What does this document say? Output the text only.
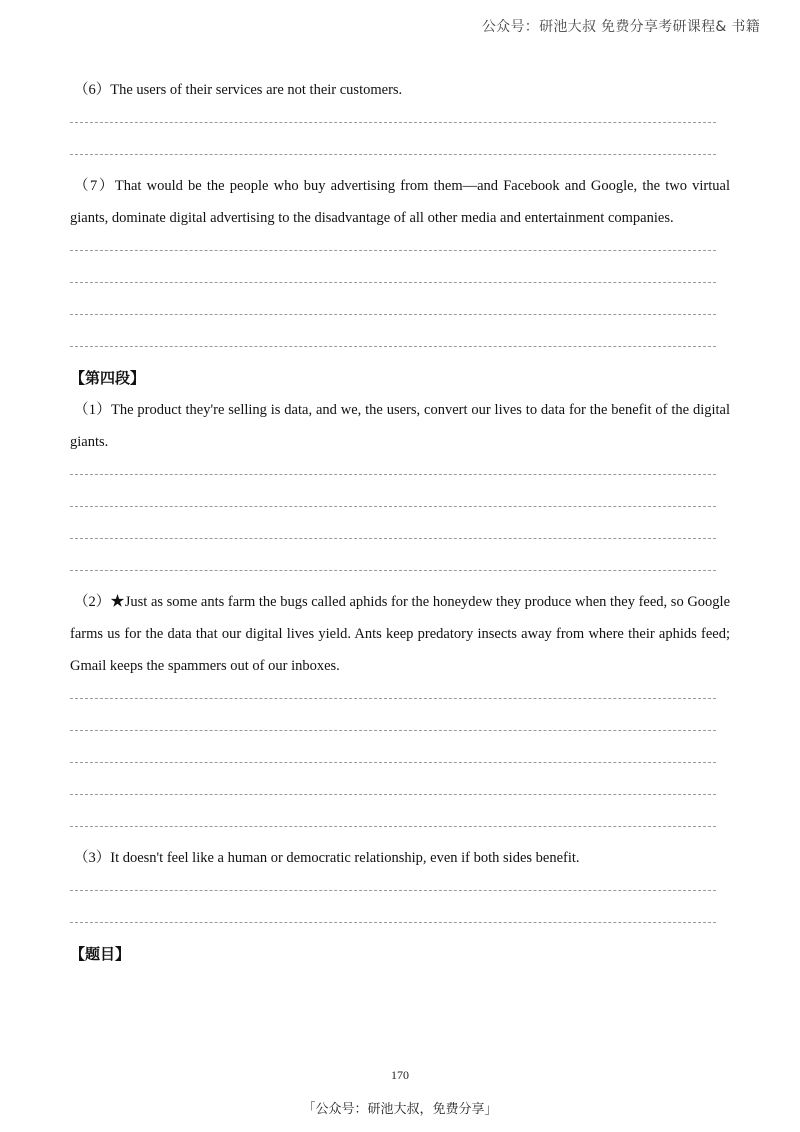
公众号：研池大叔 免费分享考研课程& 书籍

（6）The users of their services are not their customers.

（7）That would be the people who buy advertising from them—and Facebook and Google, the two virtual giants, dominate digital advertising to the disadvantage of all other media and entertainment companies.

【第四段】

（1）The product they're selling is data, and we, the users, convert our lives to data for the benefit of the digital giants.

（2）★Just as some ants farm the bugs called aphids for the honeydew they produce when they feed, so Google farms us for the data that our digital lives yield. Ants keep predatory insects away from where their aphids feed; Gmail keeps the spammers out of our inboxes.

（3）It doesn't feel like a human or democratic relationship, even if both sides benefit.

【题目】

170
「公众号：研池大叔，免费分享」
